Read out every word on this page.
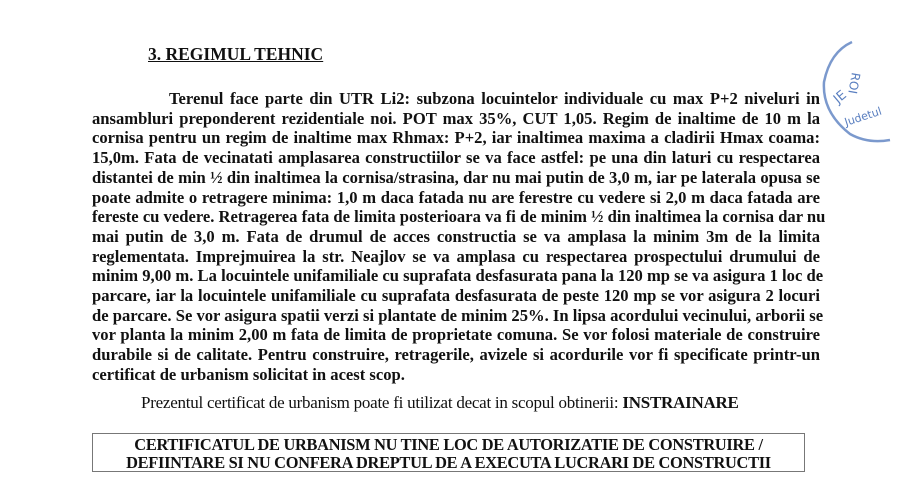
3. REGIMUL TEHNIC
Terenul face parte din UTR Li2: subzona locuintelor individuale cu max P+2 niveluri in
ansambluri preponderent rezidentiale noi. POT max 35%, CUT 1,05. Regim de inaltime de 10 m la
cornisa pentru un regim de inaltime max Rhmax: P+2, iar inaltimea maxima a cladirii Hmax coama:
15,0m. Fata de vecinatati amplasarea constructiilor se va face astfel: pe una din laturi cu respectarea
distantei de min ½ din inaltimea la cornisa/strasina, dar nu mai putin de 3,0 m, iar pe laterala opusa se
poate admite o retragere minima: 1,0 m daca fatada nu are ferestre cu vedere si 2,0 m daca fatada are
fereste cu vedere. Retragerea fata de limita posterioara va fi de minim ½ din inaltimea la cornisa dar nu
mai putin de 3,0 m. Fata de drumul de acces constructia se va amplasa la minim 3m de la limita
reglementata. Imprejmuirea la str. Neajlov se va amplasa cu respectarea prospectului drumului de
minim 9,00 m. La locuintele unifamiliale cu suprafata desfasurata pana la 120 mp se va asigura 1 loc de
parcare, iar la locuintele unifamiliale cu suprafata desfasurata de peste 120 mp se vor asigura 2 locuri
de parcare. Se vor asigura spatii verzi si plantate de minim 25%. In lipsa acordului vecinului, arborii se
vor planta la minim 2,00 m fata de limita de proprietate comuna. Se vor folosi materiale de construire
durabile si de calitate. Pentru construire, retragerile, avizele si acordurile vor fi specificate printr-un
certificat de urbanism solicitat in acest scop.
Prezentul certificat de urbanism poate fi utilizat decat in scopul obtinerii: INSTRAINARE
CERTIFICATUL DE URBANISM NU TINE LOC DE AUTORIZATIE DE CONSTRUIRE /
DEFIINTARE SI NU CONFERA DREPTUL DE A EXECUTA LUCRARI DE CONSTRUCTII
ROI
JE
Judetul
